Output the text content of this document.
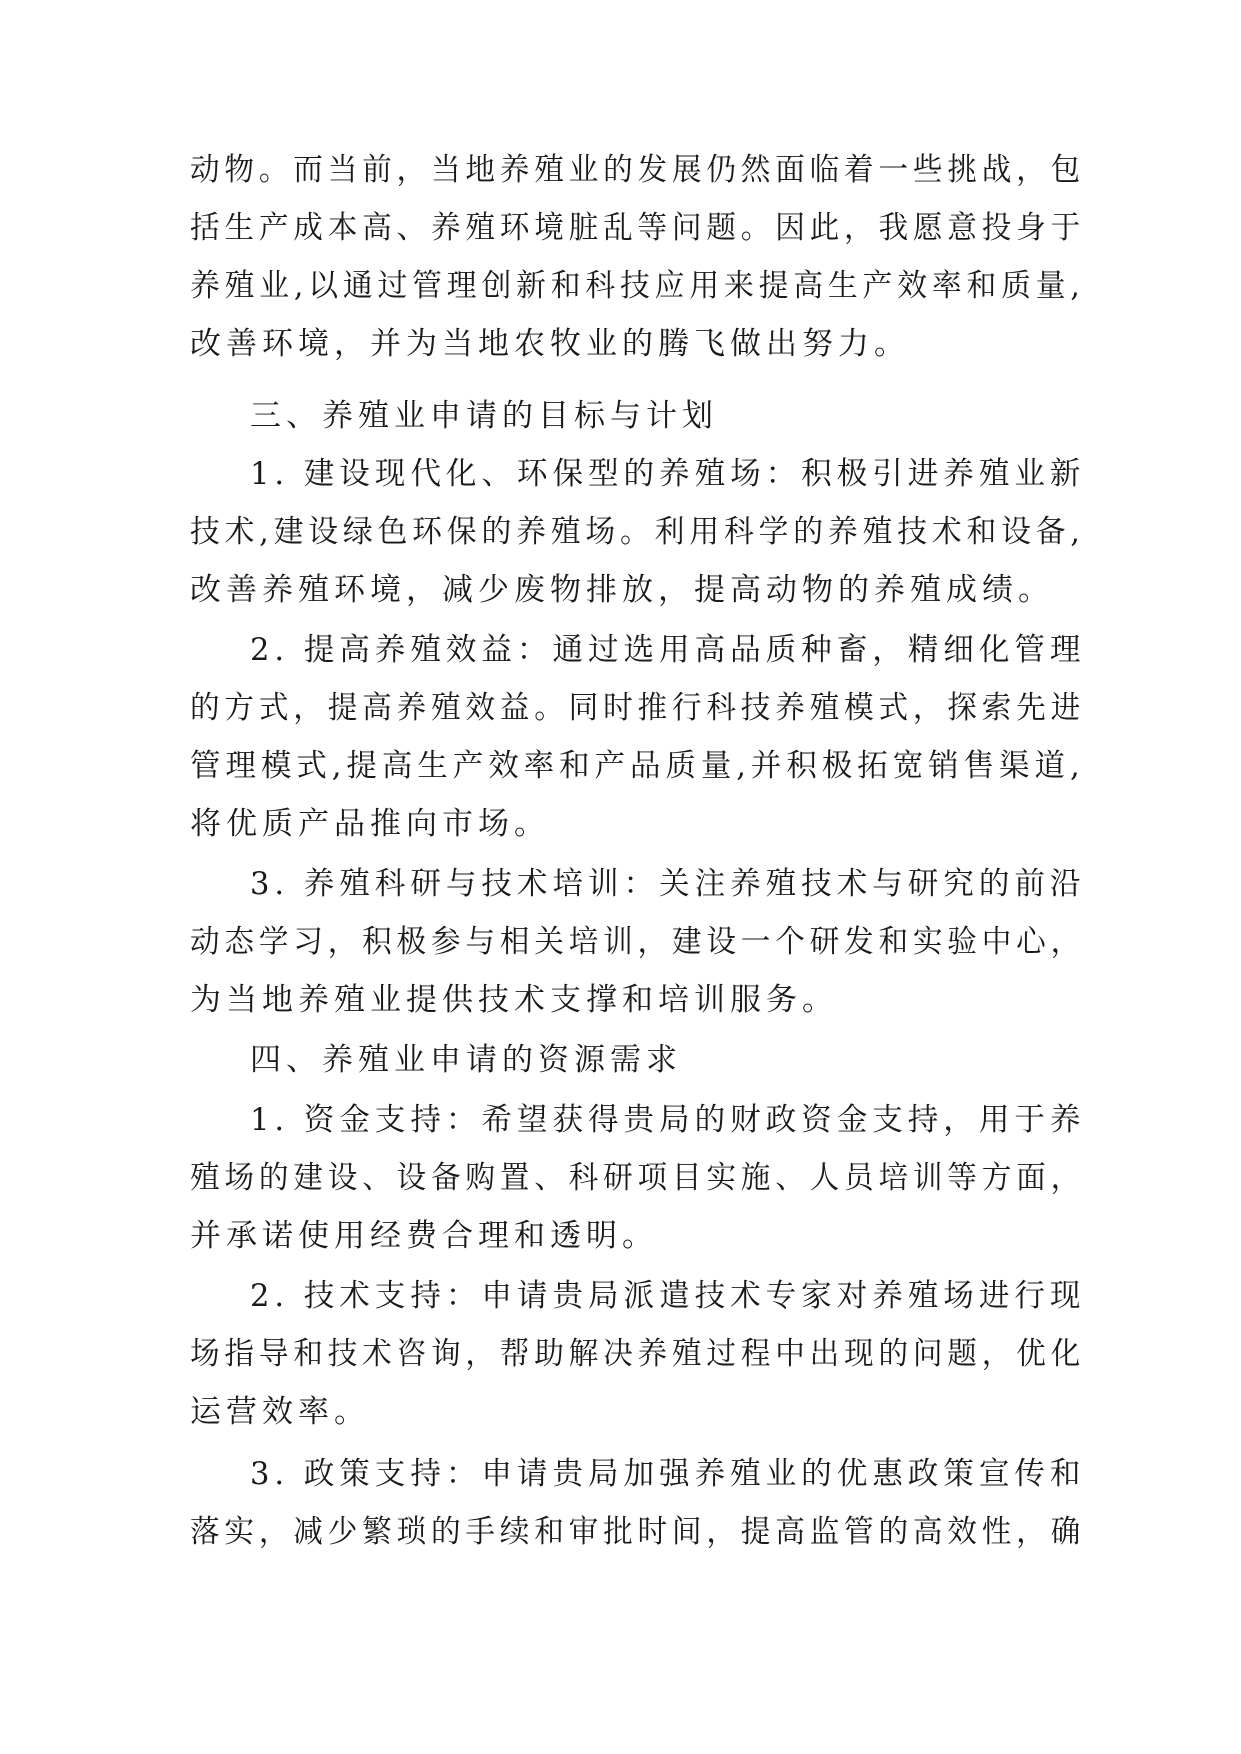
动物。而当前，当地养殖业的发展仍然面临着一些挑战，包
括生产成本高、养殖环境脏乱等问题。因此，我愿意投身于
养殖业,以通过管理创新和科技应用来提高生产效率和质量,
改善环境，并为当地农牧业的腾飞做出努力。
三、养殖业申请的目标与计划
1. 建设现代化、环保型的养殖场：积极引进养殖业新
技术,建设绿色环保的养殖场。利用科学的养殖技术和设备,
改善养殖环境，减少废物排放，提高动物的养殖成绩。
2. 提高养殖效益：通过选用高品质种畜，精细化管理
的方式，提高养殖效益。同时推行科技养殖模式，探索先进
管理模式,提高生产效率和产品质量,并积极拓宽销售渠道,
将优质产品推向市场。
3. 养殖科研与技术培训：关注养殖技术与研究的前沿
动态学习，积极参与相关培训，建设一个研发和实验中心，
为当地养殖业提供技术支撑和培训服务。
四、养殖业申请的资源需求
1. 资金支持：希望获得贵局的财政资金支持，用于养
殖场的建设、设备购置、科研项目实施、人员培训等方面，
并承诺使用经费合理和透明。
2. 技术支持：申请贵局派遣技术专家对养殖场进行现
场指导和技术咨询，帮助解决养殖过程中出现的问题，优化
运营效率。
3. 政策支持：申请贵局加强养殖业的优惠政策宣传和
落实，减少繁琐的手续和审批时间，提高监管的高效性，确
